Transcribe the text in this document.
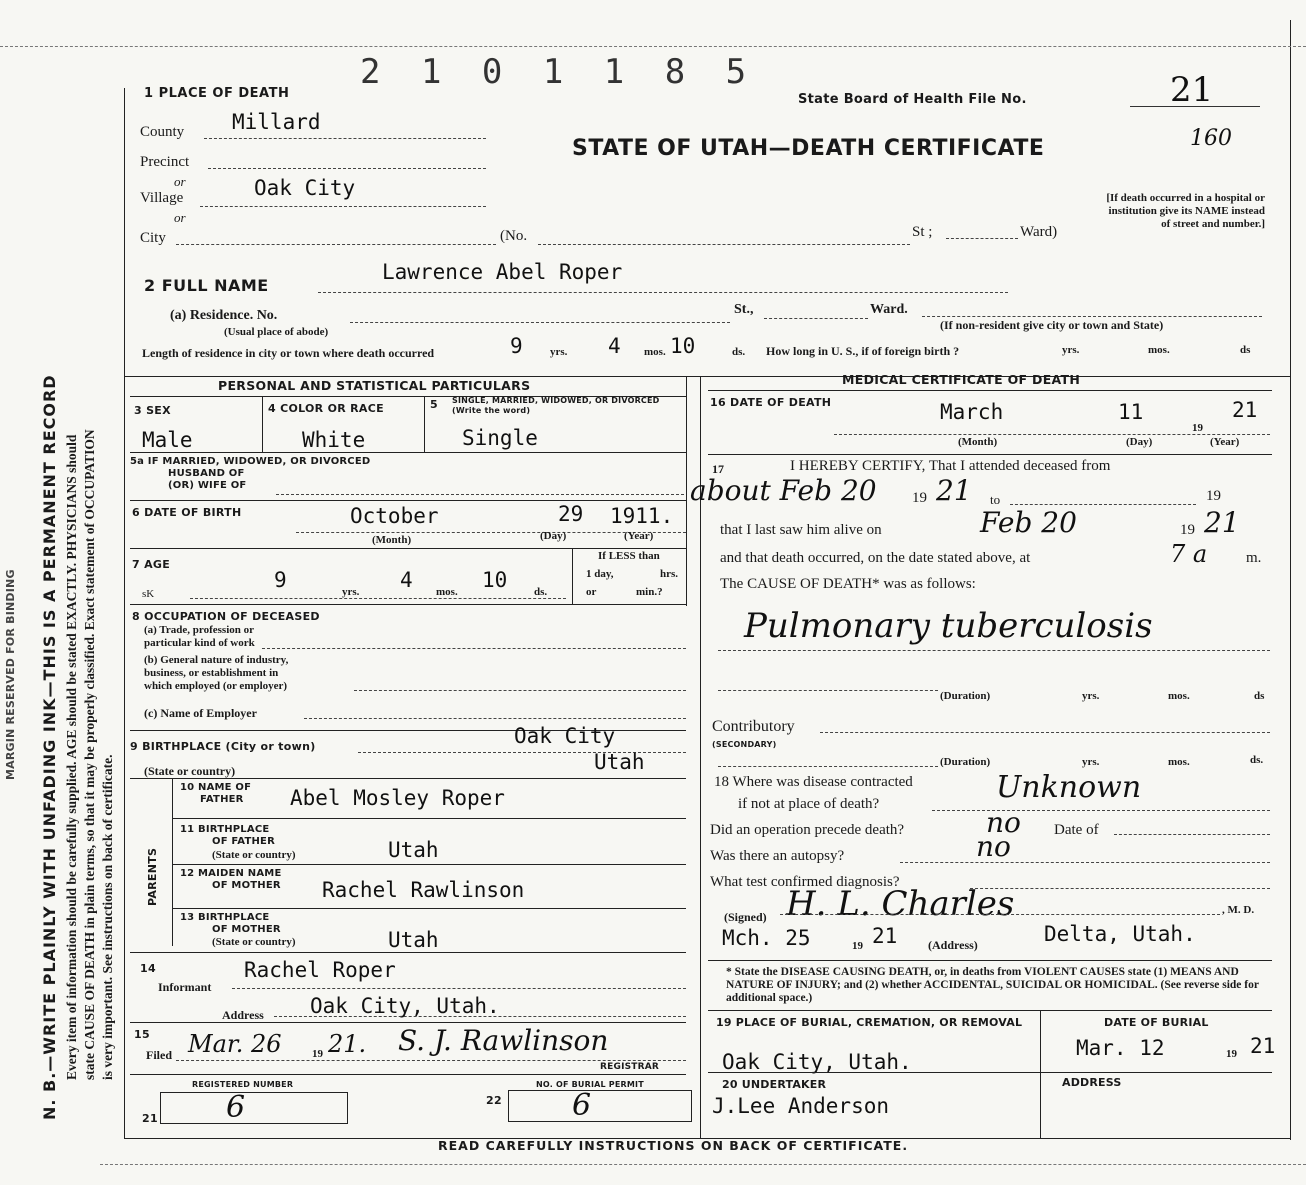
N. B.—WRITE PLAINLY WITH UNFADING INK—THIS IS A PERMANENT RECORD Every item of information should be carefully supplied. AGE should be stated EXACTLY. PHYSICIANS should state CAUSE OF DEATH in plain terms, so that it may be properly classified. Exact statement of OCCUPATION is very important. See instructions on back of certificate.
MARGIN RESERVED FOR BINDING
2 1 0 1 1 8 5
State Board of Health File No.	21
STATE OF UTAH—DEATH CERTIFICATE	160
[If death occurred in a hospital or institution give its NAME instead of street and number.]
1 PLACE OF DEATH
County Millard
Precinct
or
Village	Oak City
or
City	(No.	St ;	Ward)
2 FULL NAME
Lawrence Abel Roper
(a) Residence. No.	St.,	Ward.
(Usual place of abode)	(If non-resident give city or town and State)
Length of residence in city or town where death occurred	9 yrs. 4 mos. 10	ds. How long in U. S., if of foreign birth ?	yrs.	mos.	ds
PERSONAL AND STATISTICAL PARTICULARS
3 SEX
Male
4 COLOR OR RACE
White
5 SINGLE, MARRIED, WIDOWED, OR DIVORCED (Write the word)
Single
5a IF MARRIED, WIDOWED, OR DIVORCED
HUSBAND OF
(OR) WIFE OF
6 DATE OF BIRTH	October	29 1911.
(Month)	(Day)	(Year)
7 AGE
ѕK
9	yrs. 4 mos. 10 ds.
If LESS than
1 day,	hrs.
or	min.?
8 OCCUPATION OF DECEASED
(a) Trade, profession or
particular kind of work
(b) General nature of industry,
business, or establishment in
which employed (or employer)
(c) Name of Employer
9 BIRTHPLACE (City or town)	Oak City
(State or country)	Utah
PARENTS
10 NAME OF
FATHER Abel Mosley Roper
11 BIRTHPLACE
OF FATHER
(State or country)	Utah
12 MAIDEN NAME
OF MOTHER Rachel Rawlinson
13 BIRTHPLACE
OF MOTHER
(State or country)	Utah
14	Rachel Roper
Informant
Address Oak City, Utah.
15
Filed Mar. 26	19 21. S. J. Rawlinson
REGISTRAR
REGISTERED NUMBER
21 6
NO. OF BURIAL PERMIT
22 6
MEDICAL CERTIFICATE OF DEATH
16 DATE OF DEATH	March	11
19
21
(Month)	(Day)	(Year)
17	I HEREBY CERTIFY, That I attended deceased from
about Feb 20 19 21 to	19
that I last saw him alive on	Feb 20	19 21
and that death occurred, on the date stated above, at	7 a	m.
The CAUSE OF DEATH* was as follows:
Pulmonary tuberculosis
(Duration)	yrs.	mos.	ds
Contributory
(SECONDARY)
(Duration)	yrs.	mos.	ds.
18 Where was disease contracted
if not at place of death?	Unknown
Did an operation precede death?	no Date of
Was there an autopsy?	no
What test confirmed diagnosis?
(Signed) H. L. Charles	, M. D.
Mch. 25	19 21	(Address)	Delta, Utah.
* State the DISEASE CAUSING DEATH, or, in deaths from VIOLENT CAUSES state (1) MEANS AND NATURE OF INJURY; and (2) whether ACCIDENTAL, SUICIDAL OR HOMICIDAL. (See reverse side for additional space.)
19 PLACE OF BURIAL, CREMATION, OR REMOVAL
Oak City, Utah.
DATE OF BURIAL
Mar. 12	19 21
20 UNDERTAKER
J.Lee Anderson
ADDRESS
READ CAREFULLY INSTRUCTIONS ON BACK OF CERTIFICATE.
